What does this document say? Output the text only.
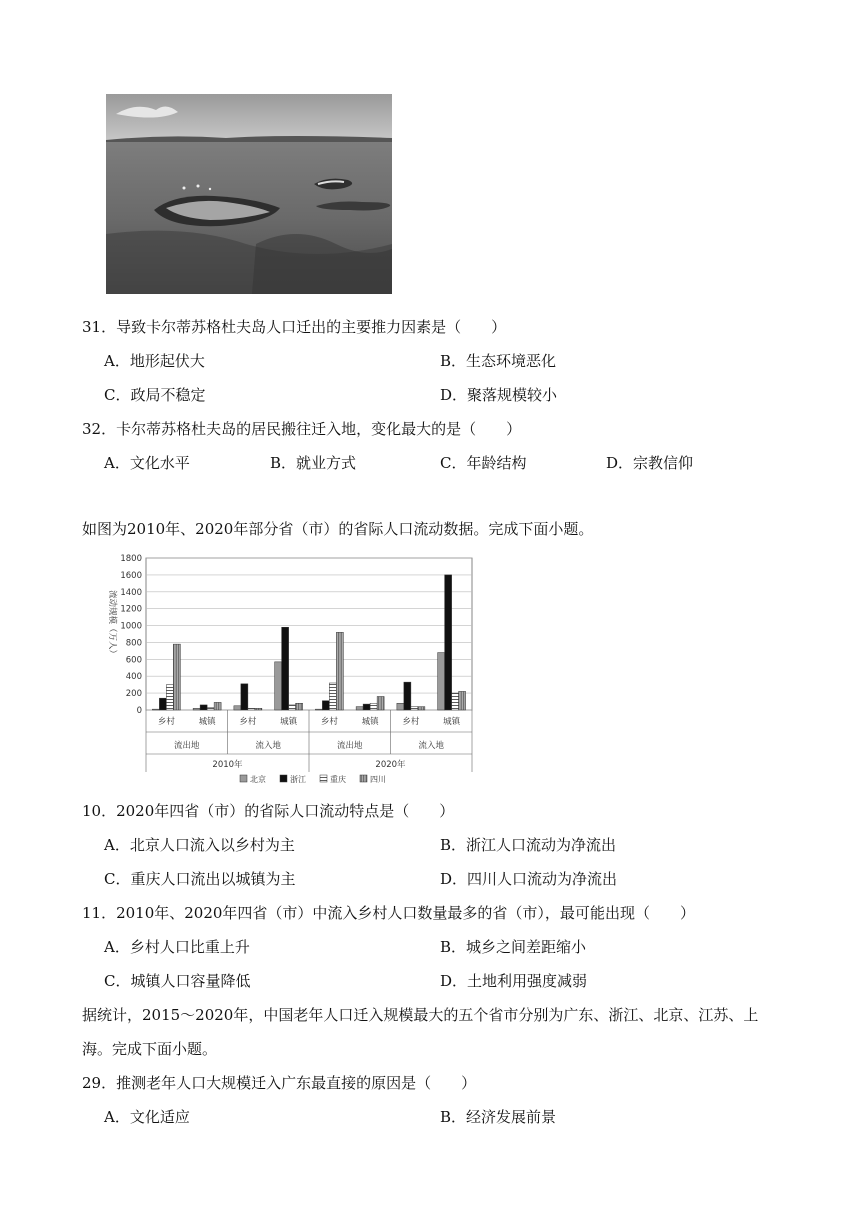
31．导致卡尔蒂苏格杜夫岛人口迁出的主要推力因素是（　　）
A．地形起伏大	B．生态环境恶化
C．政局不稳定	D．聚落规模较小
32．卡尔蒂苏格杜夫岛的居民搬往迁入地，变化最大的是（　　）
A．文化水平	B．就业方式	C．年龄结构	D．宗教信仰
如图为2010年、2020年部分省（市）的省际人口流动数据。完成下面小题。
0
200
400
600
800
1000
1200
1400
1600
1800
流动规模（万人）
乡村	城镇	乡村	城镇	乡村	城镇	乡村	城镇
流出地	流入地	流出地	流入地
2010年	2020年
北京	浙江	重庆	四川
10．2020年四省（市）的省际人口流动特点是（　　）
A．北京人口流入以乡村为主	B．浙江人口流动为净流出
C．重庆人口流出以城镇为主	D．四川人口流动为净流出
11．2010年、2020年四省（市）中流入乡村人口数量最多的省（市），最可能出现（　　）
A．乡村人口比重上升	B．城乡之间差距缩小
C．城镇人口容量降低	D．土地利用强度减弱
据统计，2015～2020年，中国老年人口迁入规模最大的五个省市分别为广东、浙江、北京、江苏、上
海。完成下面小题。
29．推测老年人口大规模迁入广东最直接的原因是（　　）
A．文化适应	B．经济发展前景
